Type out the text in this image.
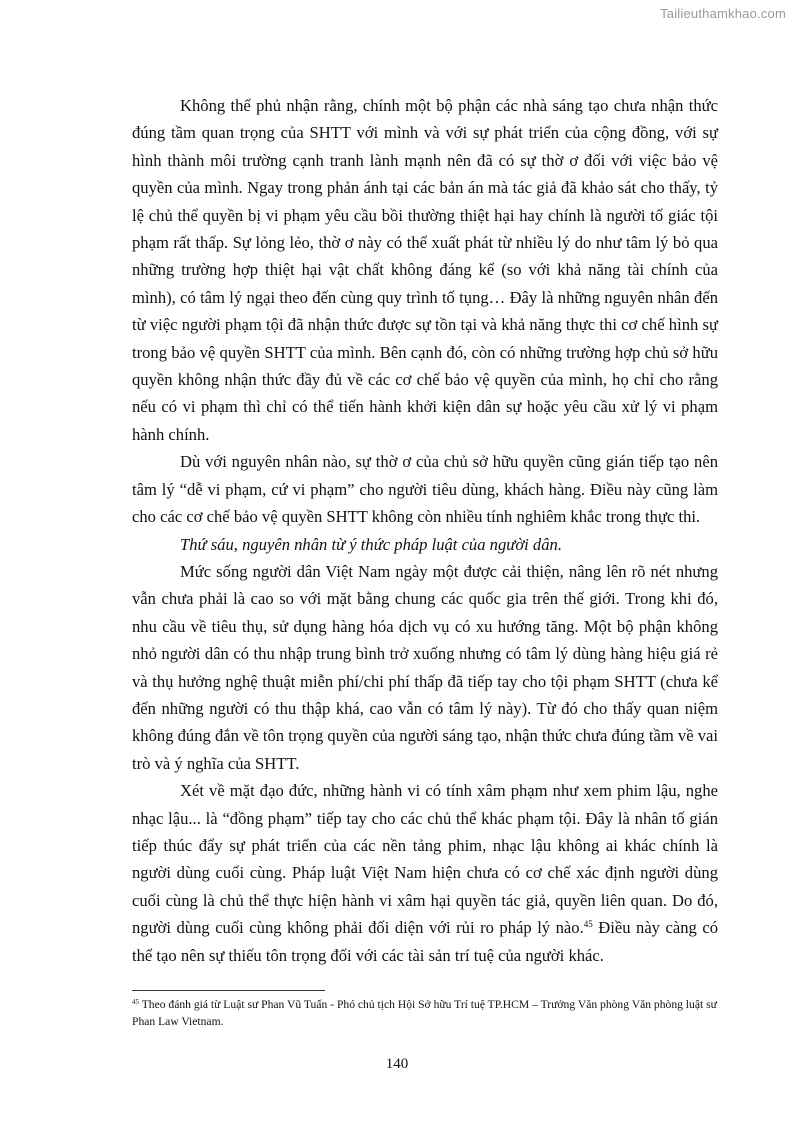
Tailieuthamkhao.com

Không thể phủ nhận rằng, chính một bộ phận các nhà sáng tạo chưa nhận thức đúng tầm quan trọng của SHTT với mình và với sự phát triển của cộng đồng, với sự hình thành môi trường cạnh tranh lành mạnh nên đã có sự thờ ơ đối với việc bảo vệ quyền của mình. Ngay trong phản ánh tại các bản án mà tác giả đã khảo sát cho thấy, tỷ lệ chủ thể quyền bị vi phạm yêu cầu bồi thường thiệt hại hay chính là người tố giác tội phạm rất thấp. Sự lỏng lẻo, thờ ơ này có thể xuất phát từ nhiều lý do như tâm lý bỏ qua những trường hợp thiệt hại vật chất không đáng kể (so với khả năng tài chính của mình), có tâm lý ngại theo đến cùng quy trình tố tụng… Đây là những nguyên nhân đến từ việc người phạm tội đã nhận thức được sự tồn tại và khả năng thực thi cơ chế hình sự trong bảo vệ quyền SHTT của mình. Bên cạnh đó, còn có những trường hợp chủ sở hữu quyền không nhận thức đầy đủ về các cơ chế bảo vệ quyền của mình, họ chỉ cho rằng nếu có vi phạm thì chỉ có thể tiến hành khởi kiện dân sự hoặc yêu cầu xử lý vi phạm hành chính.

Dù với nguyên nhân nào, sự thờ ơ của chủ sở hữu quyền cũng gián tiếp tạo nên tâm lý “dễ vi phạm, cứ vi phạm” cho người tiêu dùng, khách hàng. Điều này cũng làm cho các cơ chế bảo vệ quyền SHTT không còn nhiều tính nghiêm khắc trong thực thi.

Thứ sáu, nguyên nhân từ ý thức pháp luật của người dân.

Mức sống người dân Việt Nam ngày một được cải thiện, nâng lên rõ nét nhưng vẫn chưa phải là cao so với mặt bằng chung các quốc gia trên thế giới. Trong khi đó, nhu cầu về tiêu thụ, sử dụng hàng hóa dịch vụ có xu hướng tăng. Một bộ phận không nhỏ người dân có thu nhập trung bình trở xuống nhưng có tâm lý dùng hàng hiệu giá rẻ và thụ hưởng nghệ thuật miễn phí/chi phí thấp đã tiếp tay cho tội phạm SHTT (chưa kể đến những người có thu thập khá, cao vẫn có tâm lý này). Từ đó cho thấy quan niệm không đúng đắn về tôn trọng quyền của người sáng tạo, nhận thức chưa đúng tầm về vai trò và ý nghĩa của SHTT.

Xét về mặt đạo đức, những hành vi có tính xâm phạm như xem phim lậu, nghe nhạc lậu... là “đồng phạm” tiếp tay cho các chủ thể khác phạm tội. Đây là nhân tố gián tiếp thúc đẩy sự phát triển của các nền tảng phim, nhạc lậu không ai khác chính là người dùng cuối cùng. Pháp luật Việt Nam hiện chưa có cơ chế xác định người dùng cuối cùng là chủ thể thực hiện hành vi xâm hại quyền tác giả, quyền liên quan. Do đó, người dùng cuối cùng không phải đối diện với rủi ro pháp lý nào.$^{45}$ Điều này càng có thể tạo nên sự thiếu tôn trọng đối với các tài sản trí tuệ của người khác.

$^{45}$ Theo đánh giá từ Luật sư Phan Vũ Tuấn - Phó chủ tịch Hội Sở hữu Trí tuệ TP.HCM – Trưởng Văn phòng Văn phòng luật sư Phan Law Vietnam.

140
